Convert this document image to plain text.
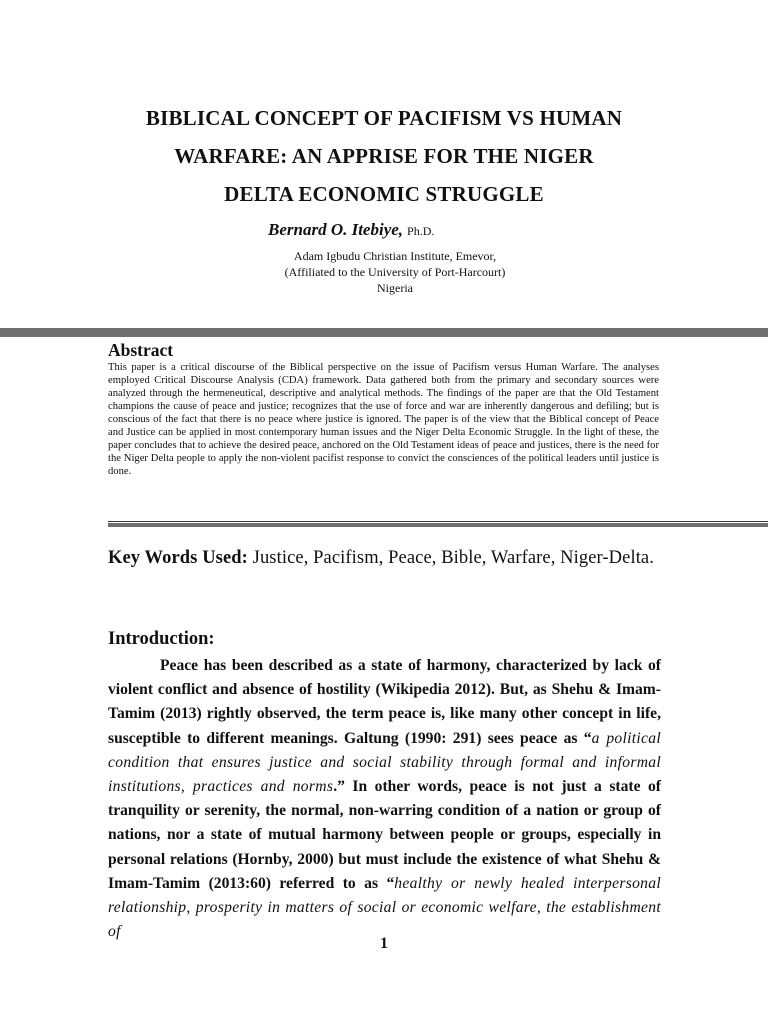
BIBLICAL CONCEPT OF PACIFISM VS HUMAN
WARFARE: AN APPRISE FOR THE NIGER
DELTA ECONOMIC STRUGGLE
Bernard O. Itebiye, Ph.D.
Adam Igbudu Christian Institute, Emevor,
(Affiliated to the University of Port-Harcourt)
Nigeria
Abstract
This paper is a critical discourse of the Biblical perspective on the issue of Pacifism versus Human Warfare. The analyses employed Critical Discourse Analysis (CDA) framework. Data gathered both from the primary and secondary sources were analyzed through the hermeneutical, descriptive and analytical methods. The findings of the paper are that the Old Testament champions the cause of peace and justice; recognizes that the use of force and war are inherently dangerous and defiling; but is conscious of the fact that there is no peace where justice is ignored. The paper is of the view that the Biblical concept of Peace and Justice can be applied in most contemporary human issues and the Niger Delta Economic Struggle. In the light of these, the paper concludes that to achieve the desired peace, anchored on the Old Testament ideas of peace and justices, there is the need for the Niger Delta people to apply the non-violent pacifist response to convict the consciences of the political leaders until justice is done.
Key Words Used: Justice, Pacifism, Peace, Bible, Warfare, Niger-Delta.
Introduction:
Peace has been described as a state of harmony, characterized by lack of violent conflict and absence of hostility (Wikipedia 2012). But, as Shehu & Imam-Tamim (2013) rightly observed, the term peace is, like many other concept in life, susceptible to different meanings. Galtung (1990: 291) sees peace as “a political condition that ensures justice and social stability through formal and informal institutions, practices and norms.” In other words, peace is not just a state of tranquility or serenity, the normal, non-warring condition of a nation or group of nations, nor a state of mutual harmony between people or groups, especially in personal relations (Hornby, 2000) but must include the existence of what Shehu & Imam-Tamim (2013:60) referred to as “healthy or newly healed interpersonal relationship, prosperity in matters of social or economic welfare, the establishment of
1
